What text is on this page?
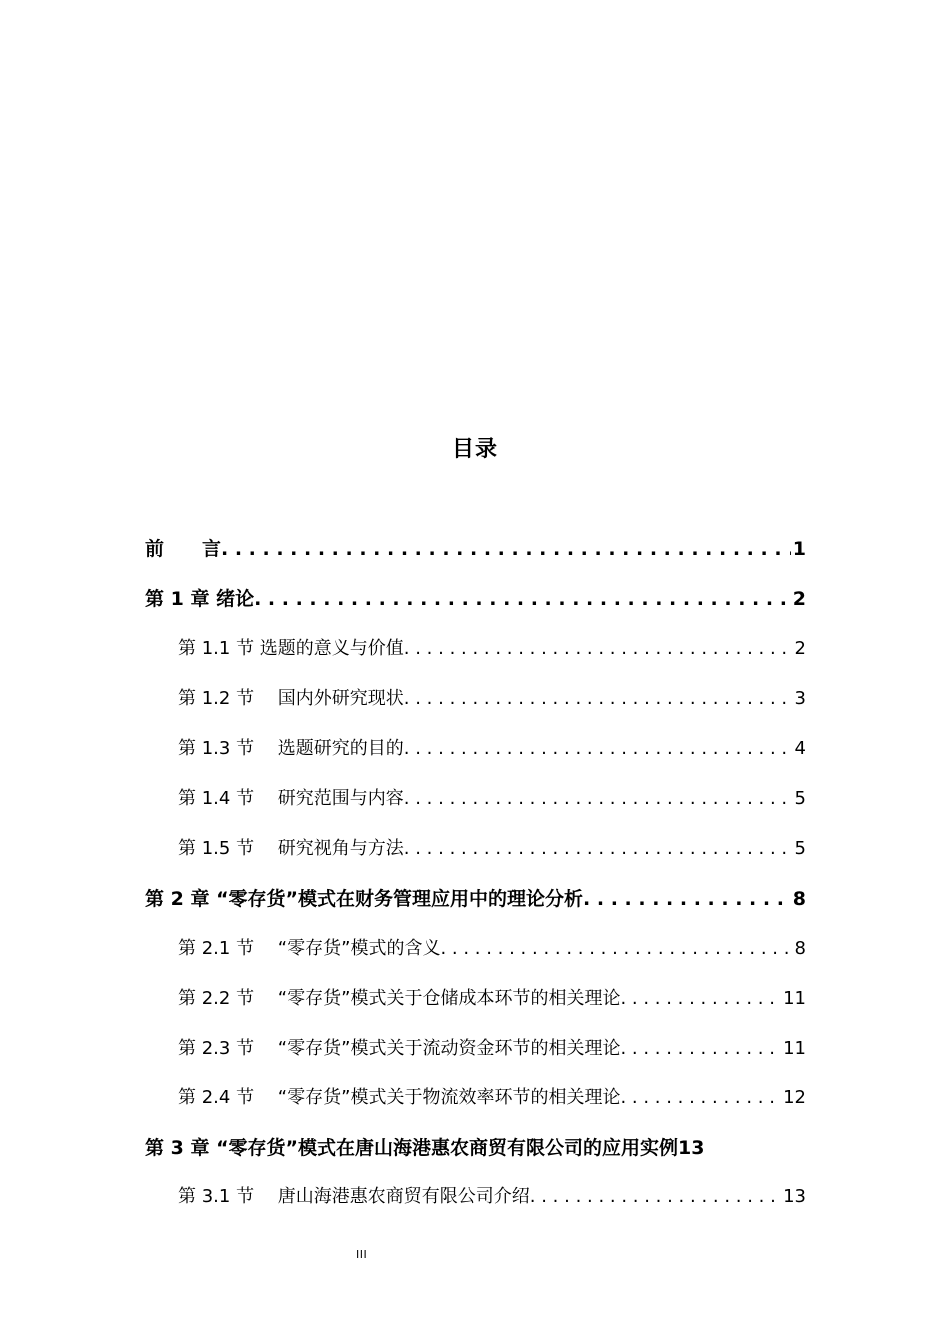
目录
前　　言 . . .	1
第 1 章 绪论 . . .	2
第 1.1 节 选题的意义与价值 . . .	2
第 1.2 节　 国内外研究现状 . . .	3
第 1.3 节　 选题研究的目的 . . .	4
第 1.4 节　 研究范围与内容 . . .	5
第 1.5 节　 研究视角与方法 . . .	5
第 2 章 “零存货”模式在财务管理应用中的理论分析 . . .	8
第 2.1 节　 “零存货”模式的含义 . . .	8
第 2.2 节　 “零存货”模式关于仓储成本环节的相关理论 . . .	11
第 2.3 节　 “零存货”模式关于流动资金环节的相关理论 . . .	11
第 2.4 节　 “零存货”模式关于物流效率环节的相关理论 . . .	12
第 3 章 “零存货”模式在唐山海港惠农商贸有限公司的应用实例 13
第 3.1 节　 唐山海港惠农商贸有限公司介绍 . . .	13
III
